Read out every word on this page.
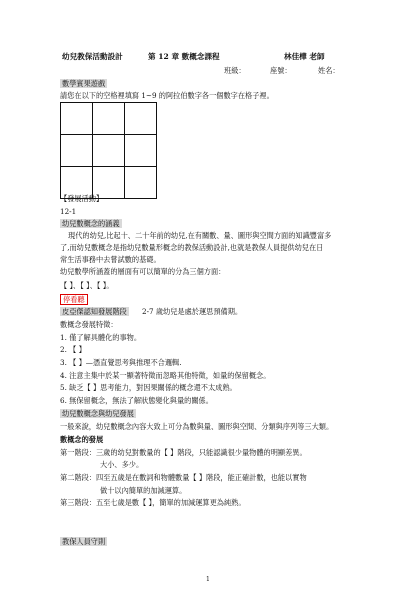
幼兒教保活動設計	第 12 章 數概念課程	林佳樺 老師
班級：	座號：	姓名：
數學賓果遊戲
請您在以下的空格裡填寫 1~9 的阿拉伯數字各一個數字在格子裡。
【發展活動】
12-1
幼兒數概念的涵義
現代的幼兒,比起十、二十年前的幼兒,在有關數、量、圖形與空間方面的知識豐富多
了,而幼兒數概念是指幼兒數量形概念的教保活動設計,也就是教保人員提供幼兒在日
常生活事務中去嘗試數的基礎。
幼兒數學所涵蓋的層面有可以簡單的分為三個方面：
【 】、【 】、【 】。
停看聽
皮亞傑認知發展階段 2-7 歲幼兒是處於運思預備期。
數概念發展特徵：
1. 僅了解具體化的事物。
2. 【 】
3. 【 】—憑直覺思考與推理不合邏輯.
4. 注意主集中於某一顯著特徵而忽略其他特徵，如量的保留概念。
5. 缺乏【 】思考能力，對因果關係的概念還不太成熟。
6. 無保留概念，無法了解狀態變化與量的關係。
幼兒數概念與幼兒發展
一般來說，幼兒數概念內容大致上可分為數與量、圖形與空間、分類與序列等三大類。
數概念的發展
第一階段：三歲的幼兒對數量的【 】階段，只能認識很少量物體的明顯差異。
大小、多少。
第二階段：四至五歲是在數詞和物體數量【 】階段，能正確計數，也能以實物
做十以內簡單的加減運算。
第三階段：五至七歲是數【 】，簡單的加減運算更為純熟。
教保人員守則
1
